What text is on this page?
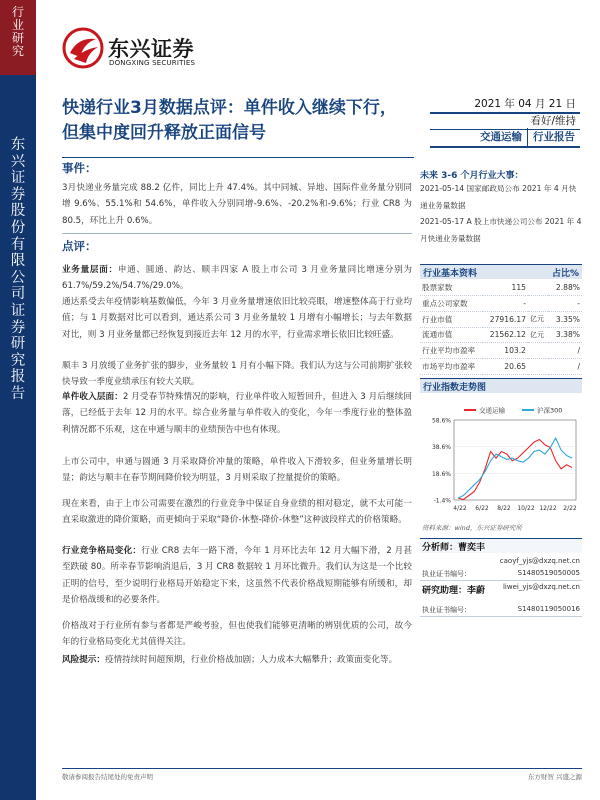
行
业
研
究
东
兴
证
券
股
份
有
限
公
司
证
券
研
究
报
告
东兴证券
DONGXING SECURITIES
快递行业3月数据点评：单件收入继续下行，但集中度回升释放正面信号
2021 年 04 月 21 日
看好/维持
交通运输	行业报告
事件：
3月快递业务量完成 88.2 亿件，同比上升 47.4%。其中同城、异地、国际件业务量分别同增 9.6%、55.1%和 54.6%，单件收入分别同增-9.6%、-20.2%和-9.6%；行业 CR8 为 80.5，环比上升 0.6%。
点评：
业务量层面：申通、圆通、韵达、顺丰四家 A 股上市公司 3 月业务量同比增速分别为 61.7%/59.2%/54.7%/29.0%。
通达系受去年疫情影响基数偏低，今年 3 月业务量增速依旧比较亮眼，增速整体高于行业均值；与 1 月数据对比可以看到，通达系公司 3 月业务量较 1 月增有小幅增长；与去年数据对比，则 3 月业务量都已经恢复到接近去年 12 月的水平，行业需求增长依旧比较旺盛。
顺丰 3 月放缓了业务扩张的脚步，业务量较 1 月有小幅下降。我们认为这与公司前期扩张较快导致一季度业绩承压有较大关联。
单件收入层面：2 月受春节特殊情况的影响，行业单件收入短暂回升，但进入 3 月后继续回落，已经低于去年 12 月的水平。综合业务量与单件收入的变化，今年一季度行业的整体盈利情况都不乐观，这在申通与顺丰的业绩预告中也有体现。
上市公司中，申通与圆通 3 月采取降价冲量的策略，单件收入下滑较多，但业务量增长明显；韵达与顺丰在春节期间降价较为明显，3 月则采取了控量提价的策略。
现在来看，由于上市公司需要在激烈的行业竞争中保证自身业绩的相对稳定，就不太可能一直采取激进的降价策略，而更倾向于采取“降价-休整-降价-休整”这种波段样式的价格策略。
行业竞争格局变化：行业 CR8 去年一路下滑，今年 1 月环比去年 12 月大幅下滑，2 月甚至跌破 80。所幸春节影响消退后，3 月 CR8 数据较 1 月环比微升。我们认为这是一个比较正明的信号，至少说明行业格局开始稳定下来，这虽然不代表价格战短期能够有所缓和，却是价格战缓和的必要条件。
价格战对于行业所有参与者都是严峻考验，但也使我们能够更清晰的辨别优质的公司，故今年的行业格局变化尤其值得关注。
风险提示：疫情持续时间超预期，行业价格战加剧；人力成本大幅攀升；政策面变化等。
未来 3-6 个月行业大事：
2021-05-14 国家邮政局公布 2021 年 4 月快递业务量数据
2021-05-17 A 股上市快递公司公布 2021 年 4 月快递业务量数据
行业基本资料	占比%
股票家数	115		2.88%
重点公司家数	-		-
行业市值	27916.17	亿元	3.35%
流通市值	21562.12	亿元	3.38%
行业平均市盈率	103.2		/
市场平均市盈率	20.65		/
行业指数走势图
58.6%
38.6%
18.6%
-1.4%
4/22 6/22 8/22 10/22 12/22 2/22
交通运输	沪深300
资料来源：wind，东兴证券研究所
分析师：曹奕丰
caoyf_yjs@dxzq.net.cn
执业证书编号：	S1480519050005
研究助理：李蔚	liwei_yjs@dxzq.net.cn
执业证书编号：	S1480119050016
敬请参阅报告结尾处的免责声明	东方财智 兴盛之源
